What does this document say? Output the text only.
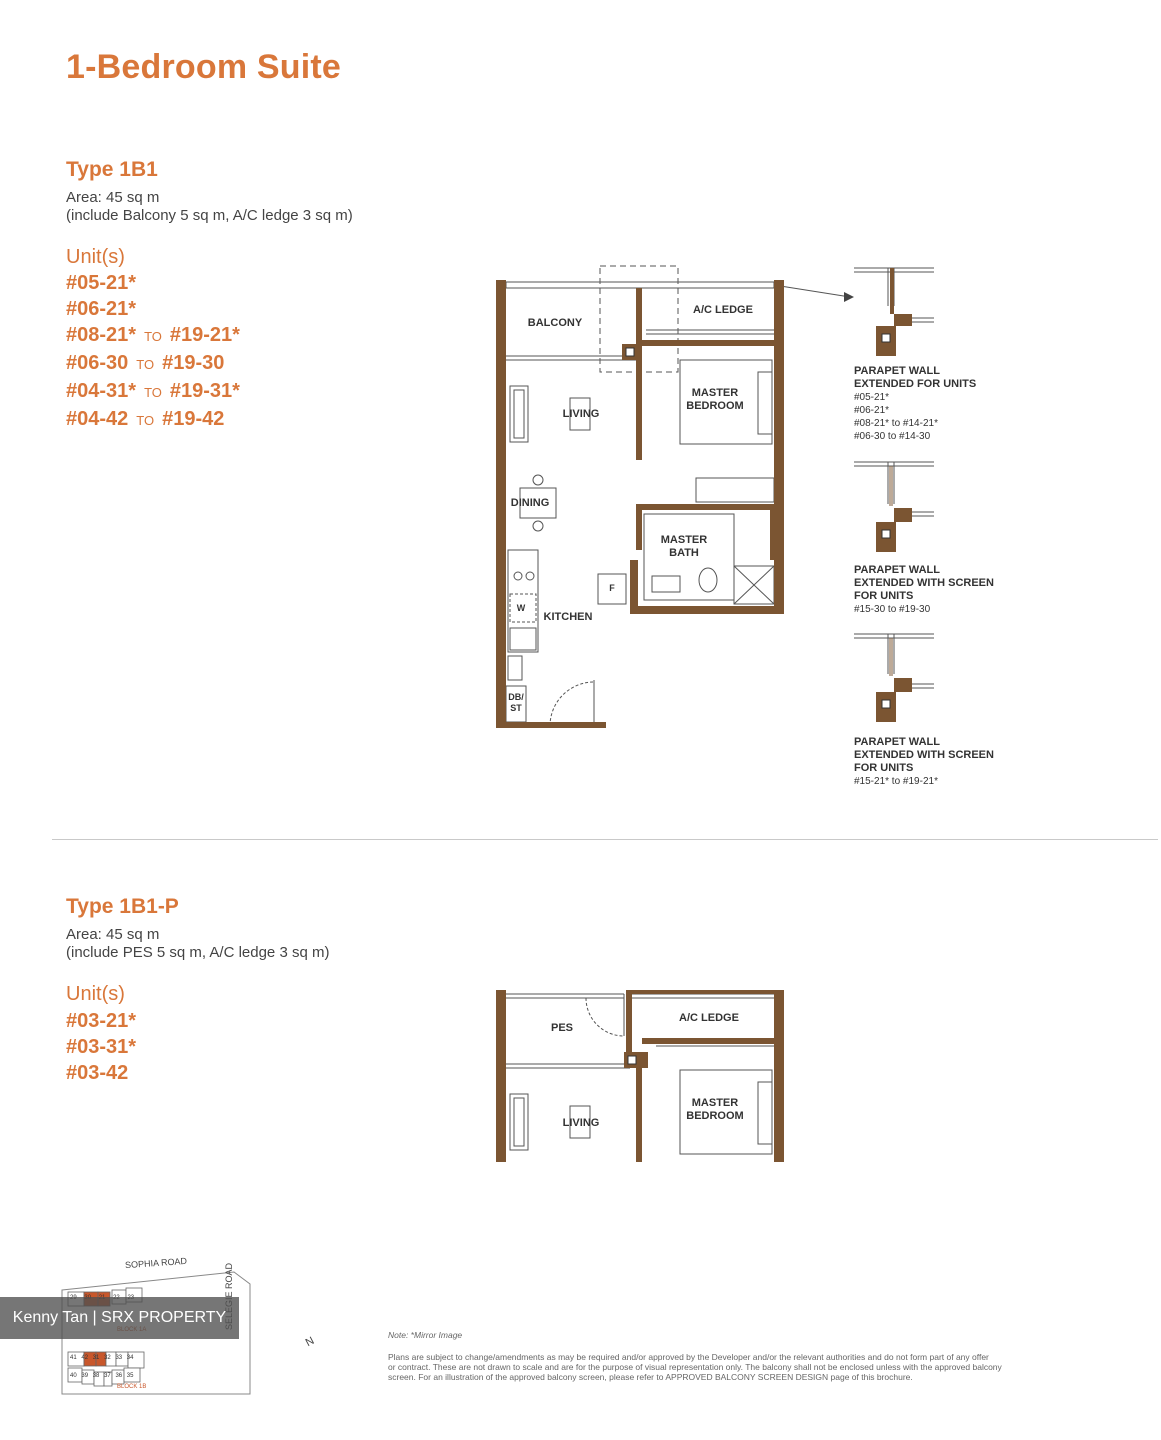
1-Bedroom Suite
Type 1B1
Area: 45 sq m
(include Balcony 5 sq m, A/C ledge 3 sq m)
Unit(s)
#05-21*
#06-21*
#08-21* TO #19-21*
#06-30 TO #19-30
#04-31* TO #19-31*
#04-42 TO #19-42
BALCONY
A/C LEDGE
LIVING
MASTER
BEDROOM
DINING
MASTER
BATH
KITCHEN
F
W
DB/
ST
PARAPET WALL
EXTENDED FOR UNITS
#05-21*
#06-21*
#08-21* to #14-21*
#06-30 to #14-30
PARAPET WALL
EXTENDED WITH SCREEN
FOR UNITS
#15-30 to #19-30
PARAPET WALL
EXTENDED WITH SCREEN
FOR UNITS
#15-21* to #19-21*
Type 1B1-P
Area: 45 sq m
(include PES 5 sq m, A/C ledge 3 sq m)
Unit(s)
#03-21*
#03-31*
#03-42
PES
A/C LEDGE
LIVING
MASTER
BEDROOM
SOPHIA ROAD
BLOCK 1B
41 42 31 32 33 34
40 39 38 37 36 35
N
Kenny Tan | SRX PROPERTY
Note: *Mirror Image
Plans are subject to change/amendments as may be required and/or approved by the Developer and/or the relevant authorities and do not form part of any offer
or contract. These are not drawn to scale and are for the purpose of visual representation only. The balcony shall not be enclosed unless with the approved balcony
screen. For an illustration of the approved balcony screen, please refer to APPROVED BALCONY SCREEN DESIGN page of this brochure.
